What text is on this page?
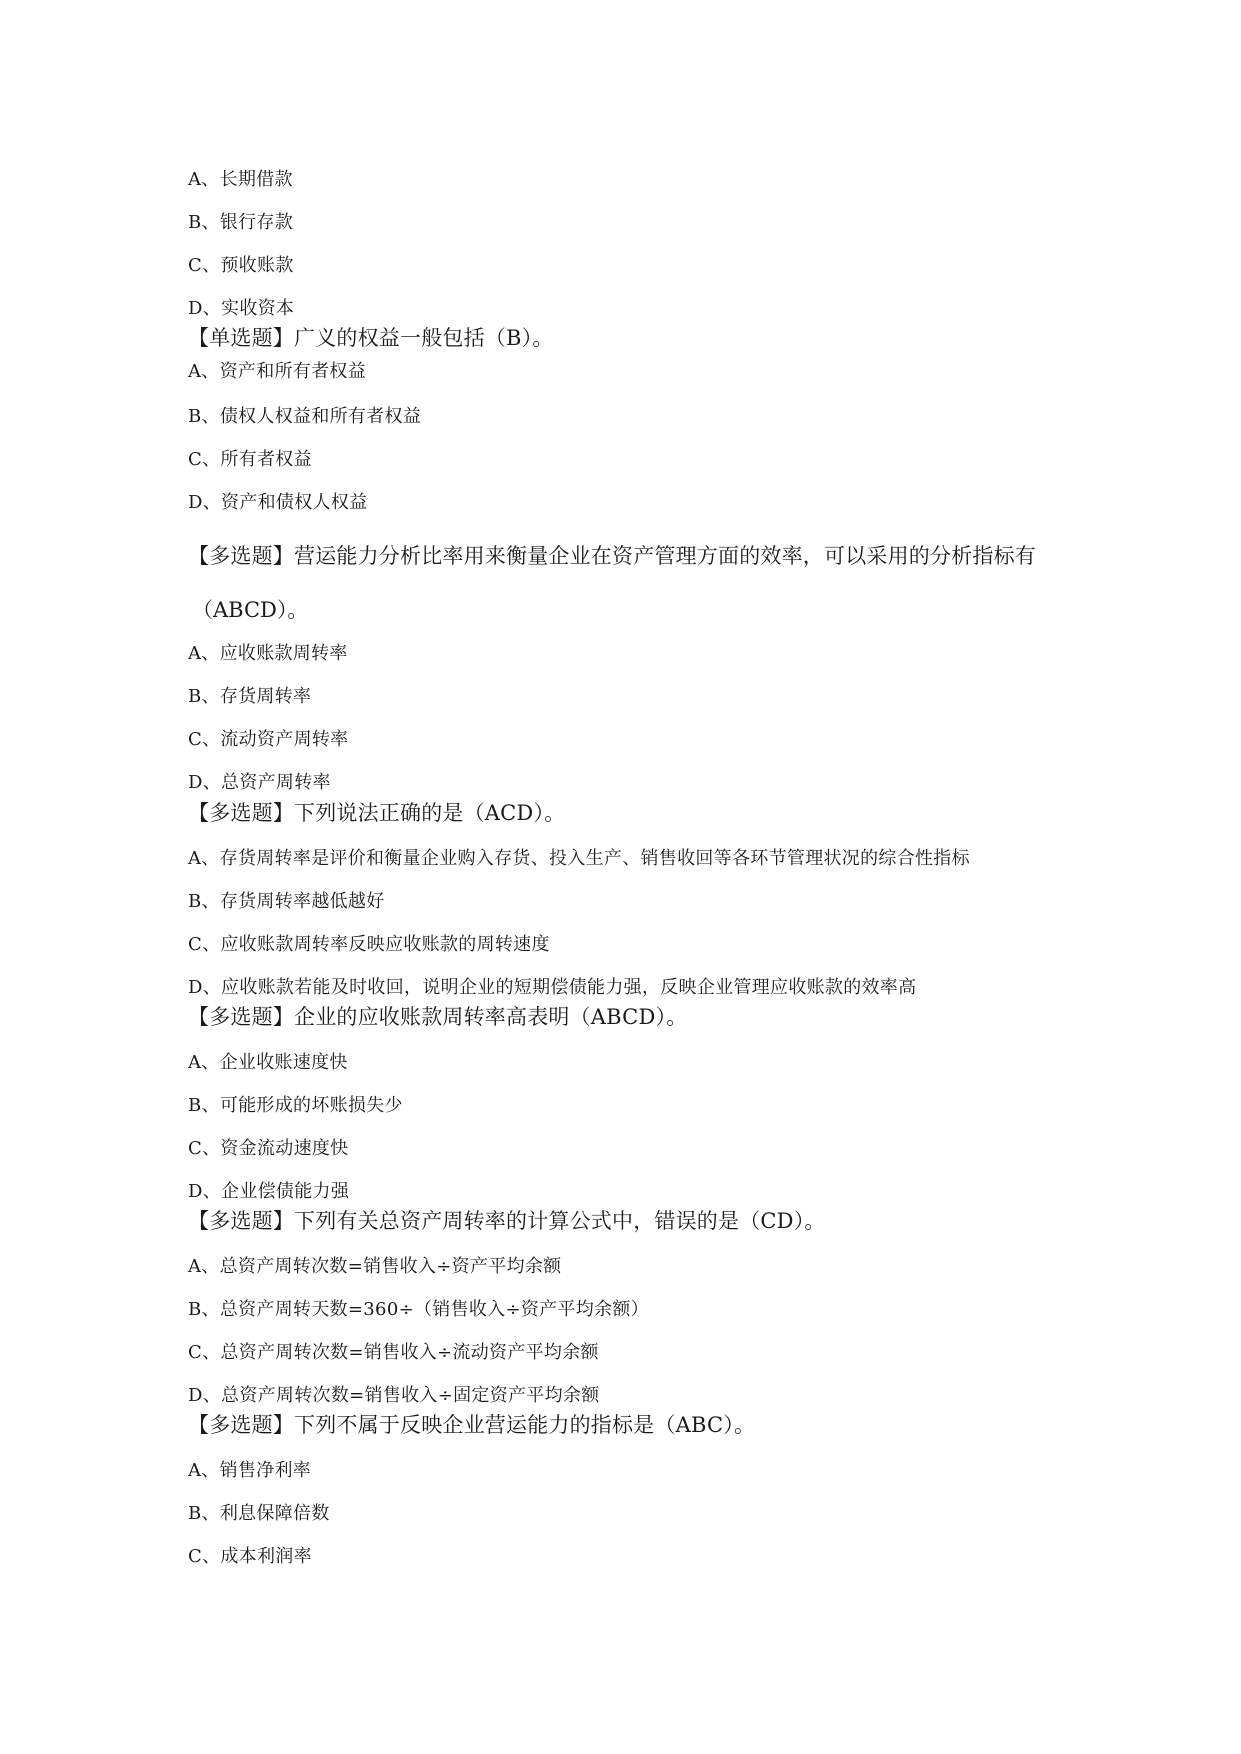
A、长期借款
B、银行存款
C、预收账款
D、实收资本
【单选题】广义的权益一般包括（B）。
A、资产和所有者权益
B、债权人权益和所有者权益
C、所有者权益
D、资产和债权人权益
【多选题】营运能力分析比率用来衡量企业在资产管理方面的效率，可以采用的分析指标有
（ABCD）。
A、应收账款周转率
B、存货周转率
C、流动资产周转率
D、总资产周转率
【多选题】下列说法正确的是（ACD）。
A、存货周转率是评价和衡量企业购入存货、投入生产、销售收回等各环节管理状况的综合性指标
B、存货周转率越低越好
C、应收账款周转率反映应收账款的周转速度
D、应收账款若能及时收回，说明企业的短期偿债能力强，反映企业管理应收账款的效率高
【多选题】企业的应收账款周转率高表明（ABCD）。
A、企业收账速度快
B、可能形成的坏账损失少
C、资金流动速度快
D、企业偿债能力强
【多选题】下列有关总资产周转率的计算公式中，错误的是（CD）。
A、总资产周转次数=销售收入÷资产平均余额
B、总资产周转天数=360÷（销售收入÷资产平均余额）
C、总资产周转次数=销售收入÷流动资产平均余额
D、总资产周转次数=销售收入÷固定资产平均余额
【多选题】下列不属于反映企业营运能力的指标是（ABC）。
A、销售净利率
B、利息保障倍数
C、成本利润率
